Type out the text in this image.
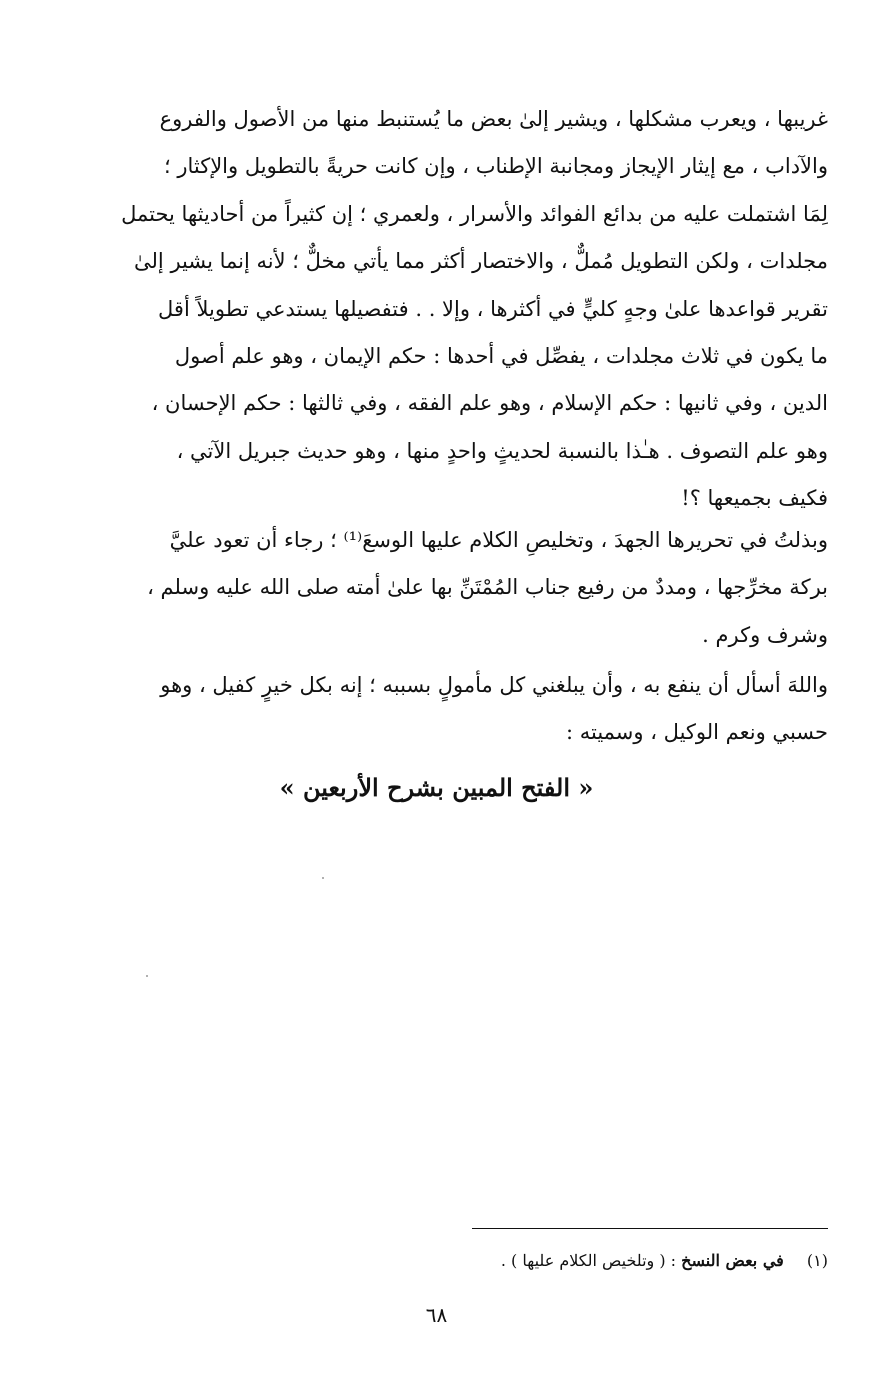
غريبها ، ويعرب مشكلها ، ويشير إلىٰ بعض ما يُستنبط منها من الأصول والفروع
والآداب ، مع إيثار الإيجاز ومجانبة الإطناب ، وإن كانت حريةً بالتطويل والإكثار ؛
لِمَا اشتملت عليه من بدائع الفوائد والأسرار ، ولعمري ؛ إن كثيراً من أحاديثها يحتمل
مجلدات ، ولكن التطويل مُملٌّ ، والاختصار أكثر مما يأتي مخلٌّ ؛ لأنه إنما يشير إلىٰ
تقرير قواعدها علىٰ وجهٍ كليٍّ في أكثرها ، وإلا . . فتفصيلها يستدعي تطويلاً أقل
ما يكون في ثلاث مجلدات ، يفصِّل في أحدها : حكم الإيمان ، وهو علم أصول
الدين ، وفي ثانيها : حكم الإسلام ، وهو علم الفقه ، وفي ثالثها : حكم الإحسان ،
وهو علم التصوف . هـٰذا بالنسبة لحديثٍ واحدٍ منها ، وهو حديث جبريل الآتي ،
فكيف بجميعها ؟!
وبذلتُ في تحريرها الجهدَ ، وتخليصِ الكلام عليها الوسعَ⁽¹⁾ ؛ رجاء أن تعود عليَّ
بركة مخرِّجها ، ومددٌ من رفيع جناب المُمْتَنِّ بها علىٰ أمته صلى الله عليه وسلم ،
وشرف وكرم .
واللهَ أسأل أن ينفع به ، وأن يبلغني كل مأمولٍ بسببه ؛ إنه بكل خيرٍ كفيل ، وهو
حسبي ونعم الوكيل ، وسميته :
« الفتح المبين بشرح الأربعين »
(١) في بعض النسخ : ( وتلخيص الكلام عليها ) .
٦٨
